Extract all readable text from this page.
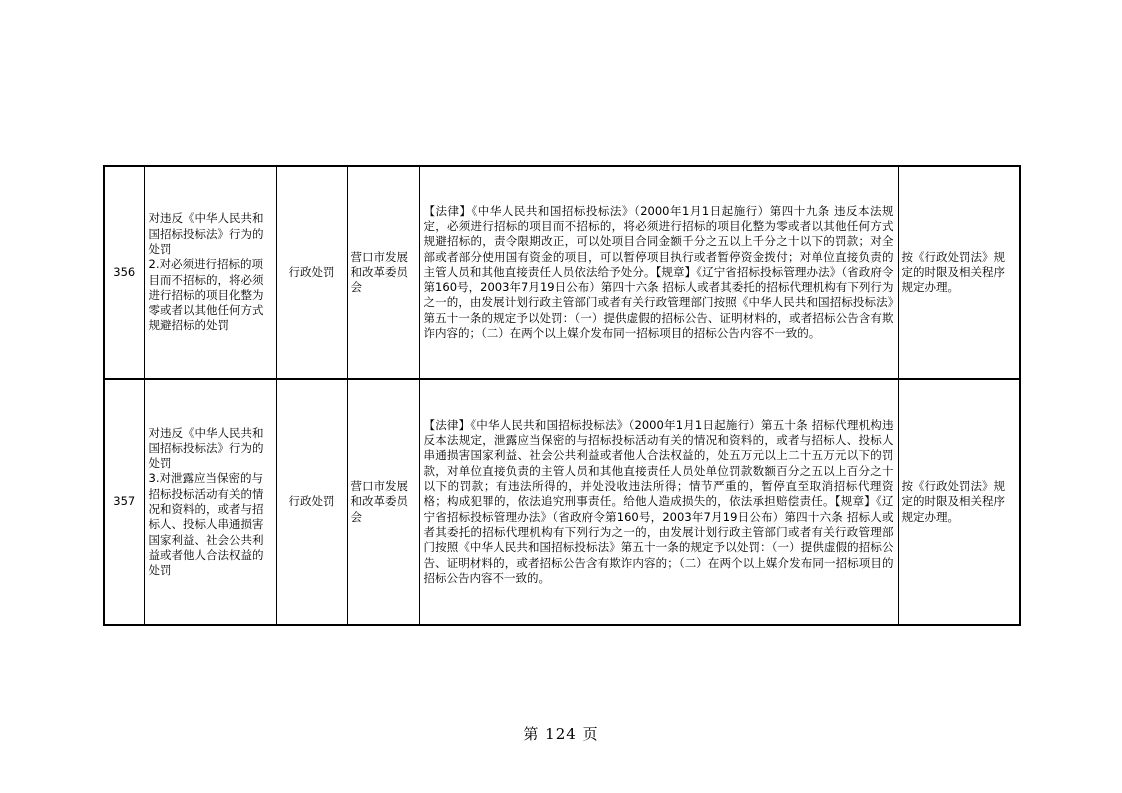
356	对违反《中华人民共和国招标投标法》行为的处罚
2.对必须进行招标的项目而不招标的，将必须进行招标的项目化整为零或者以其他任何方式规避招标的处罚	行政处罚	营口市发展和改革委员会	【法律】《中华人民共和国招标投标法》（2000年1月1日起施行）第四十九条 违反本法规定，必须进行招标的项目而不招标的，将必须进行招标的项目化整为零或者以其他任何方式规避招标的，责令限期改正，可以处项目合同金额千分之五以上千分之十以下的罚款；对全部或者部分使用国有资金的项目，可以暂停项目执行或者暂停资金拨付；对单位直接负责的主管人员和其他直接责任人员依法给予处分。【规章】《辽宁省招标投标管理办法》（省政府令第160号，2003年7月19日公布）第四十六条 招标人或者其委托的招标代理机构有下列行为之一的，由发展计划行政主管部门或者有关行政管理部门按照《中华人民共和国招标投标法》第五十一条的规定予以处罚：（一）提供虚假的招标公告、证明材料的，或者招标公告含有欺诈内容的；（二）在两个以上媒介发布同一招标项目的招标公告内容不一致的。	按《行政处罚法》规定的时限及相关程序规定办理。
357	对违反《中华人民共和国招标投标法》行为的处罚
3.对泄露应当保密的与招标投标活动有关的情况和资料的，或者与招标人、投标人串通损害国家利益、社会公共利益或者他人合法权益的处罚	行政处罚	营口市发展和改革委员会	【法律】《中华人民共和国招标投标法》（2000年1月1日起施行）第五十条 招标代理机构违反本法规定，泄露应当保密的与招标投标活动有关的情况和资料的，或者与招标人、投标人串通损害国家利益、社会公共利益或者他人合法权益的，处五万元以上二十五万元以下的罚款，对单位直接负责的主管人员和其他直接责任人员处单位罚款数额百分之五以上百分之十以下的罚款；有违法所得的，并处没收违法所得；情节严重的，暂停直至取消招标代理资格；构成犯罪的，依法追究刑事责任。给他人造成损失的，依法承担赔偿责任。【规章】《辽宁省招标投标管理办法》（省政府令第160号，2003年7月19日公布）第四十六条 招标人或者其委托的招标代理机构有下列行为之一的，由发展计划行政主管部门或者有关行政管理部门按照《中华人民共和国招标投标法》第五十一条的规定予以处罚：（一）提供虚假的招标公告、证明材料的，或者招标公告含有欺诈内容的；（二）在两个以上媒介发布同一招标项目的招标公告内容不一致的。	按《行政处罚法》规定的时限及相关程序规定办理。
第 124 页
